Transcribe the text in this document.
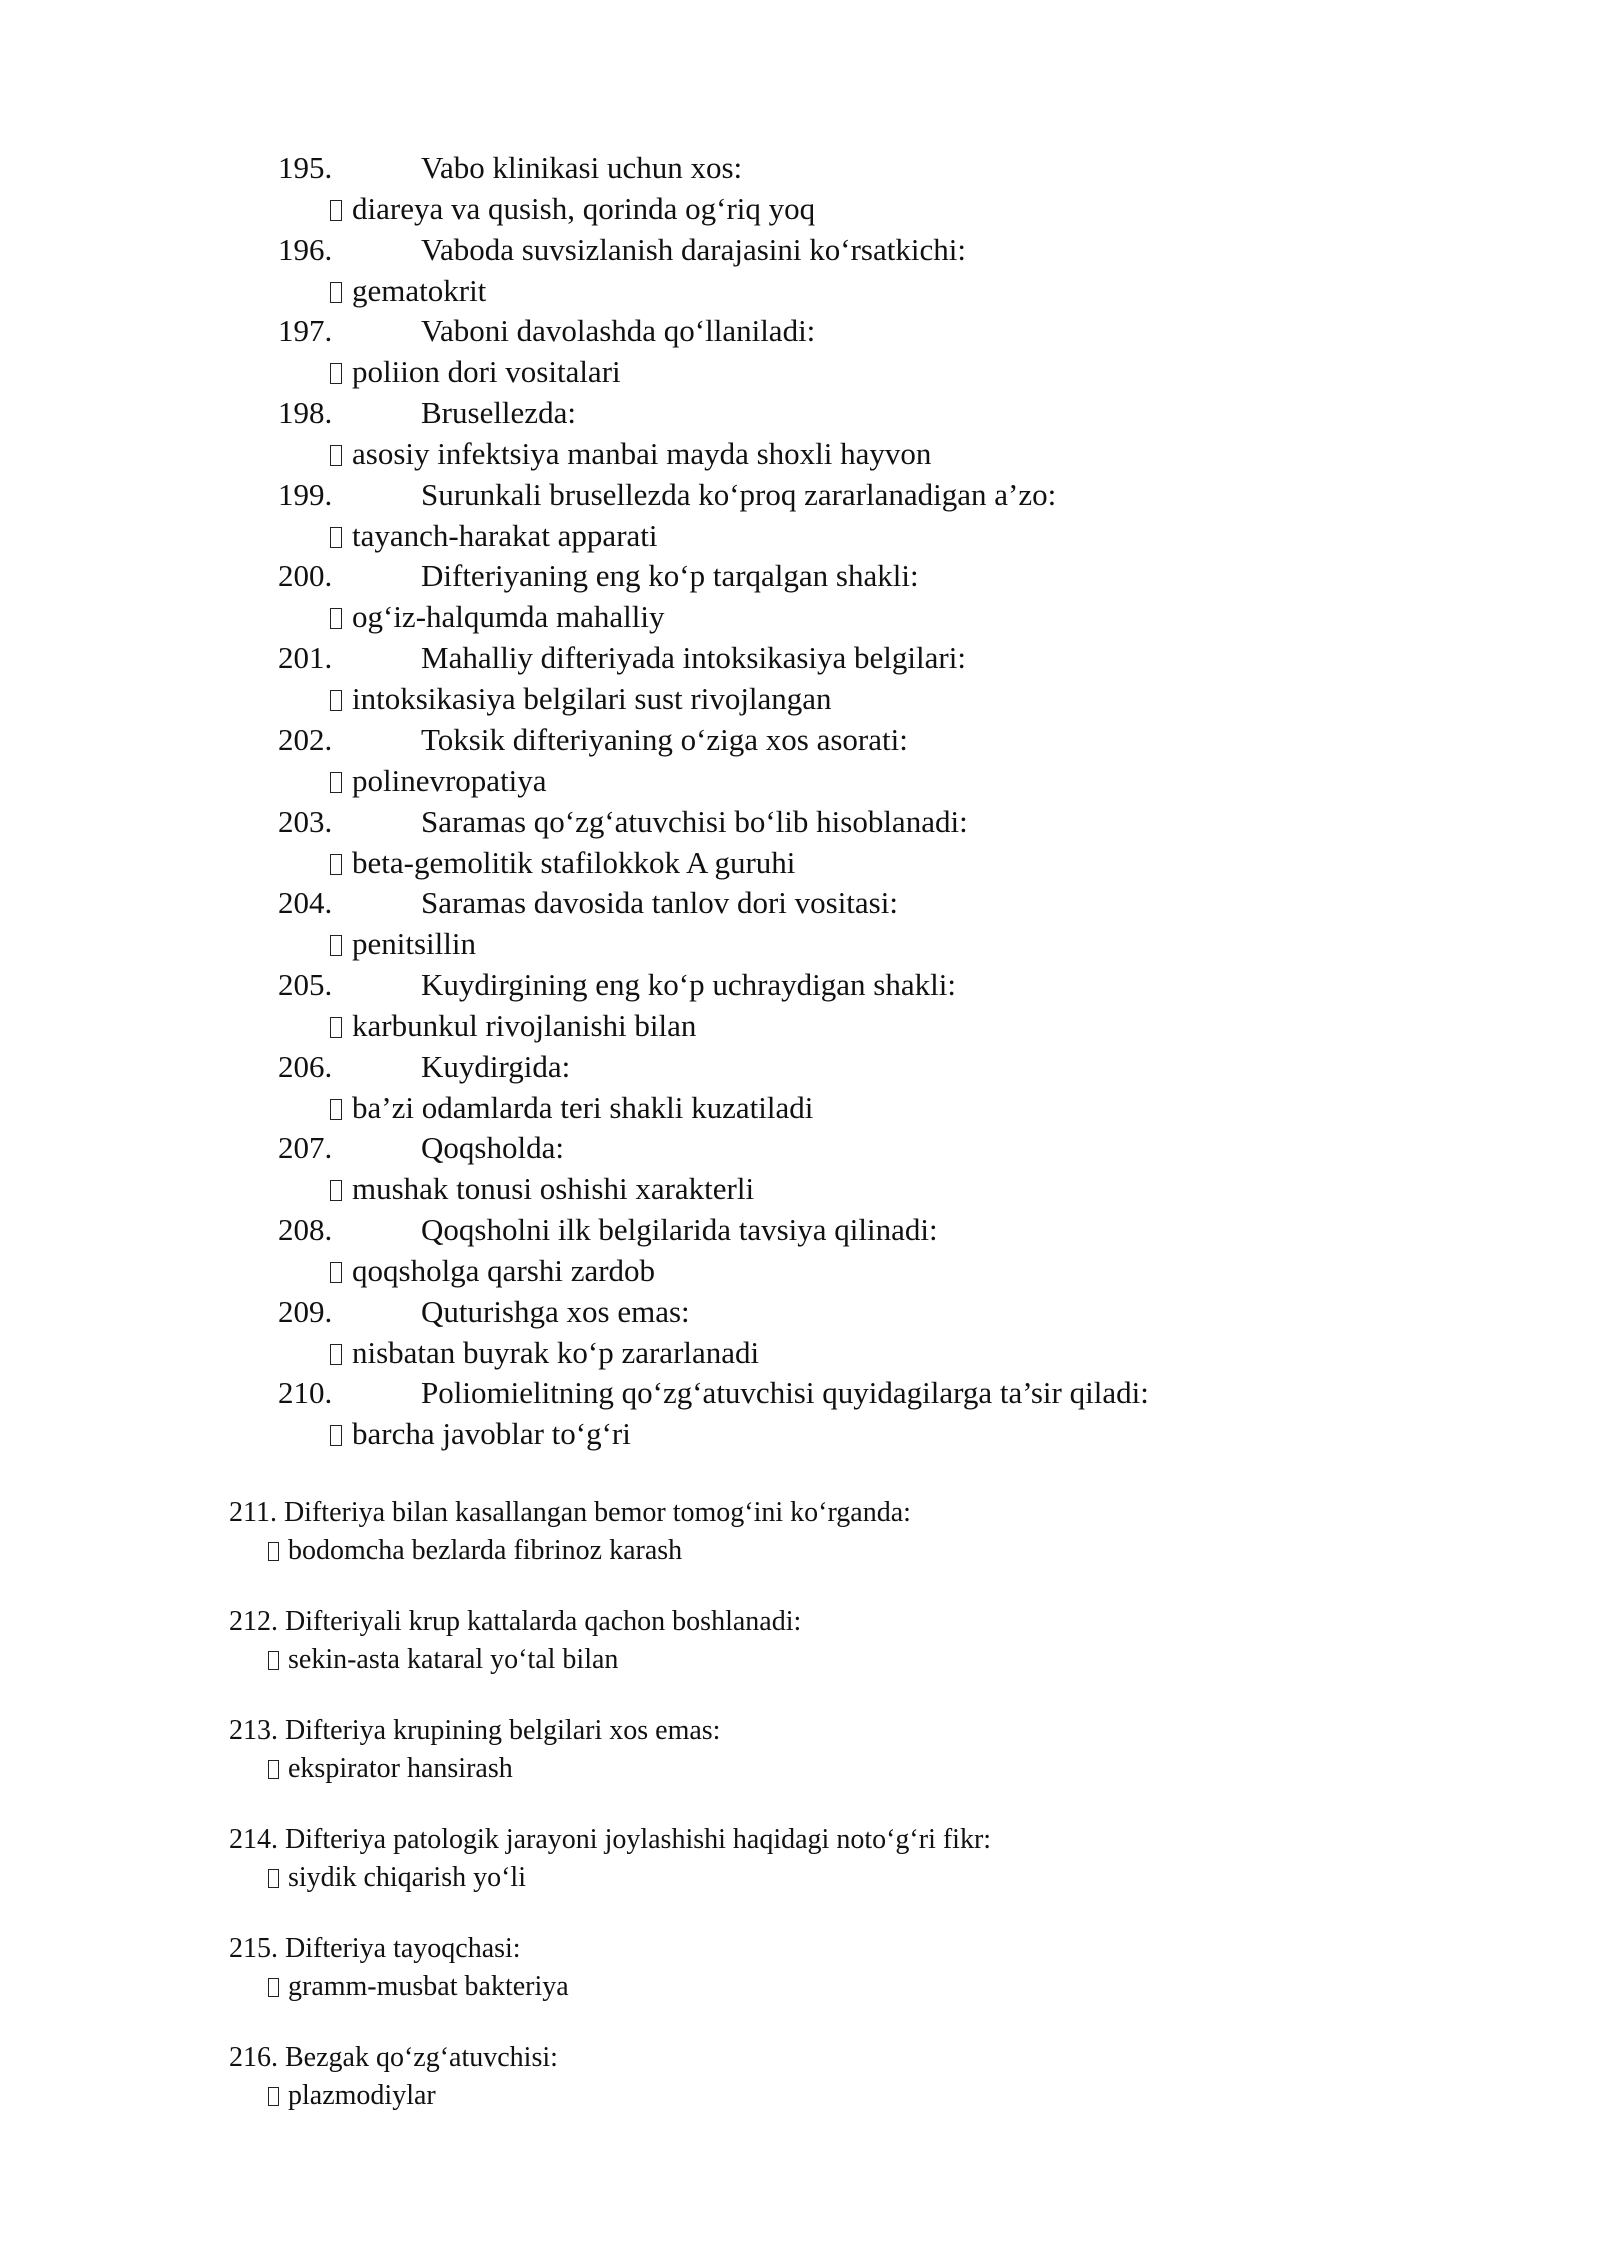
195.	Vabo klinikasi uchun xos:
diareya va qusish, qorinda og‘riq yoq
196.	Vaboda suvsizlanish darajasini ko‘rsatkichi:
gematokrit
197.	Vaboni davolashda qo‘llaniladi:
poliion dori vositalari
198.	Brusellezda:
asosiy infektsiya manbai mayda shoxli hayvon
199.	Surunkali brusellezda ko‘proq zararlanadigan a’zo:
tayanch-harakat apparati
200.	Difteriyaning eng ko‘p tarqalgan shakli:
og‘iz-halqumda mahalliy
201.	Mahalliy difteriyada intoksikasiya belgilari:
intoksikasiya belgilari sust rivojlangan
202.	Toksik difteriyaning o‘ziga xos asorati:
polinevropatiya
203.	Saramas qo‘zg‘atuvchisi bo‘lib hisoblanadi:
beta-gemolitik stafilokkok A guruhi
204.	Saramas davosida tanlov dori vositasi:
penitsillin
205.	Kuydirgining eng ko‘p uchraydigan shakli:
karbunkul rivojlanishi bilan
206.	Kuydirgida:
ba’zi odamlarda teri shakli kuzatiladi
207.	Qoqsholda:
mushak tonusi oshishi xarakterli
208.	Qoqsholni ilk belgilarida tavsiya qilinadi:
qoqsholga qarshi zardob
209.	Quturishga xos emas:
nisbatan buyrak ko‘p zararlanadi
210.	Poliomielitning qo‘zg‘atuvchisi quyidagilarga ta’sir qiladi:
barcha javoblar to‘g‘ri
211. Difteriya bilan kasallangan bemor tomog‘ini ko‘rganda:
bodomcha bezlarda fibrinoz karash
212. Difteriyali krup kattalarda qachon boshlanadi:
sekin-asta kataral yo‘tal bilan
213. Difteriya krupining belgilari xos emas:
ekspirator hansirash
214. Difteriya patologik jarayoni joylashishi haqidagi noto‘g‘ri fikr:
siydik chiqarish yo‘li
215. Difteriya tayoqchasi:
gramm-musbat bakteriya
216. Bezgak qo‘zg‘atuvchisi:
plazmodiylar
